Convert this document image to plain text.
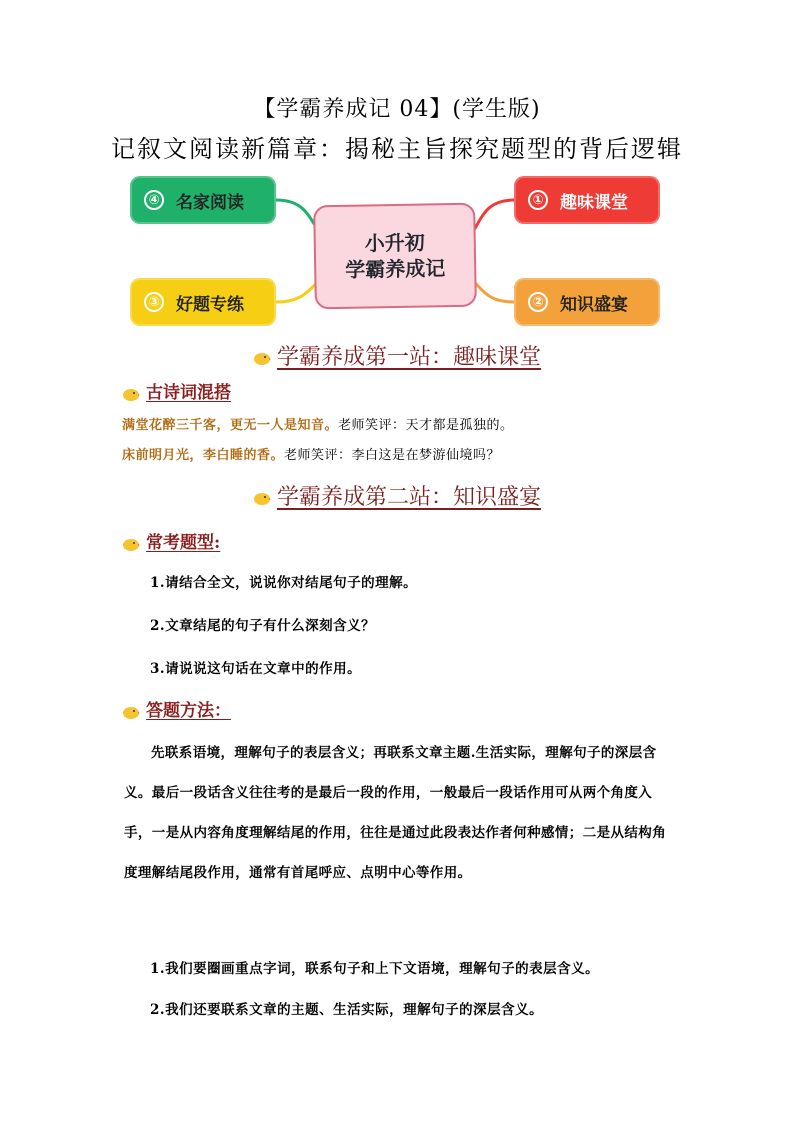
【学霸养成记 04】(学生版)
记叙文阅读新篇章：揭秘主旨探究题型的背后逻辑
④ 名家阅读	① 趣味课堂
③ 好题专练	② 知识盛宴
小升初
学霸养成记
学霸养成第一站：趣味课堂
古诗词混搭
满堂花醉三千客，更无一人是知音。老师笑评：天才都是孤独的。
床前明月光，李白睡的香。老师笑评：李白这是在梦游仙境吗？
学霸养成第二站：知识盛宴
常考题型:
1.请结合全文，说说你对结尾句子的理解。
2.文章结尾的句子有什么深刻含义？
3.请说说这句话在文章中的作用。
答题方法：
先联系语境，理解句子的表层含义；再联系文章主题.生活实际，理解句子的深层含义。最后一段话含义往往考的是最后一段的作用，一般最后一段话作用可从两个角度入手，一是从内容角度理解结尾的作用，往往是通过此段表达作者何种感情；二是从结构角度理解结尾段作用，通常有首尾呼应、点明中心等作用。
1.我们要圈画重点字词，联系句子和上下文语境，理解句子的表层含义。
2.我们还要联系文章的主题、生活实际，理解句子的深层含义。
